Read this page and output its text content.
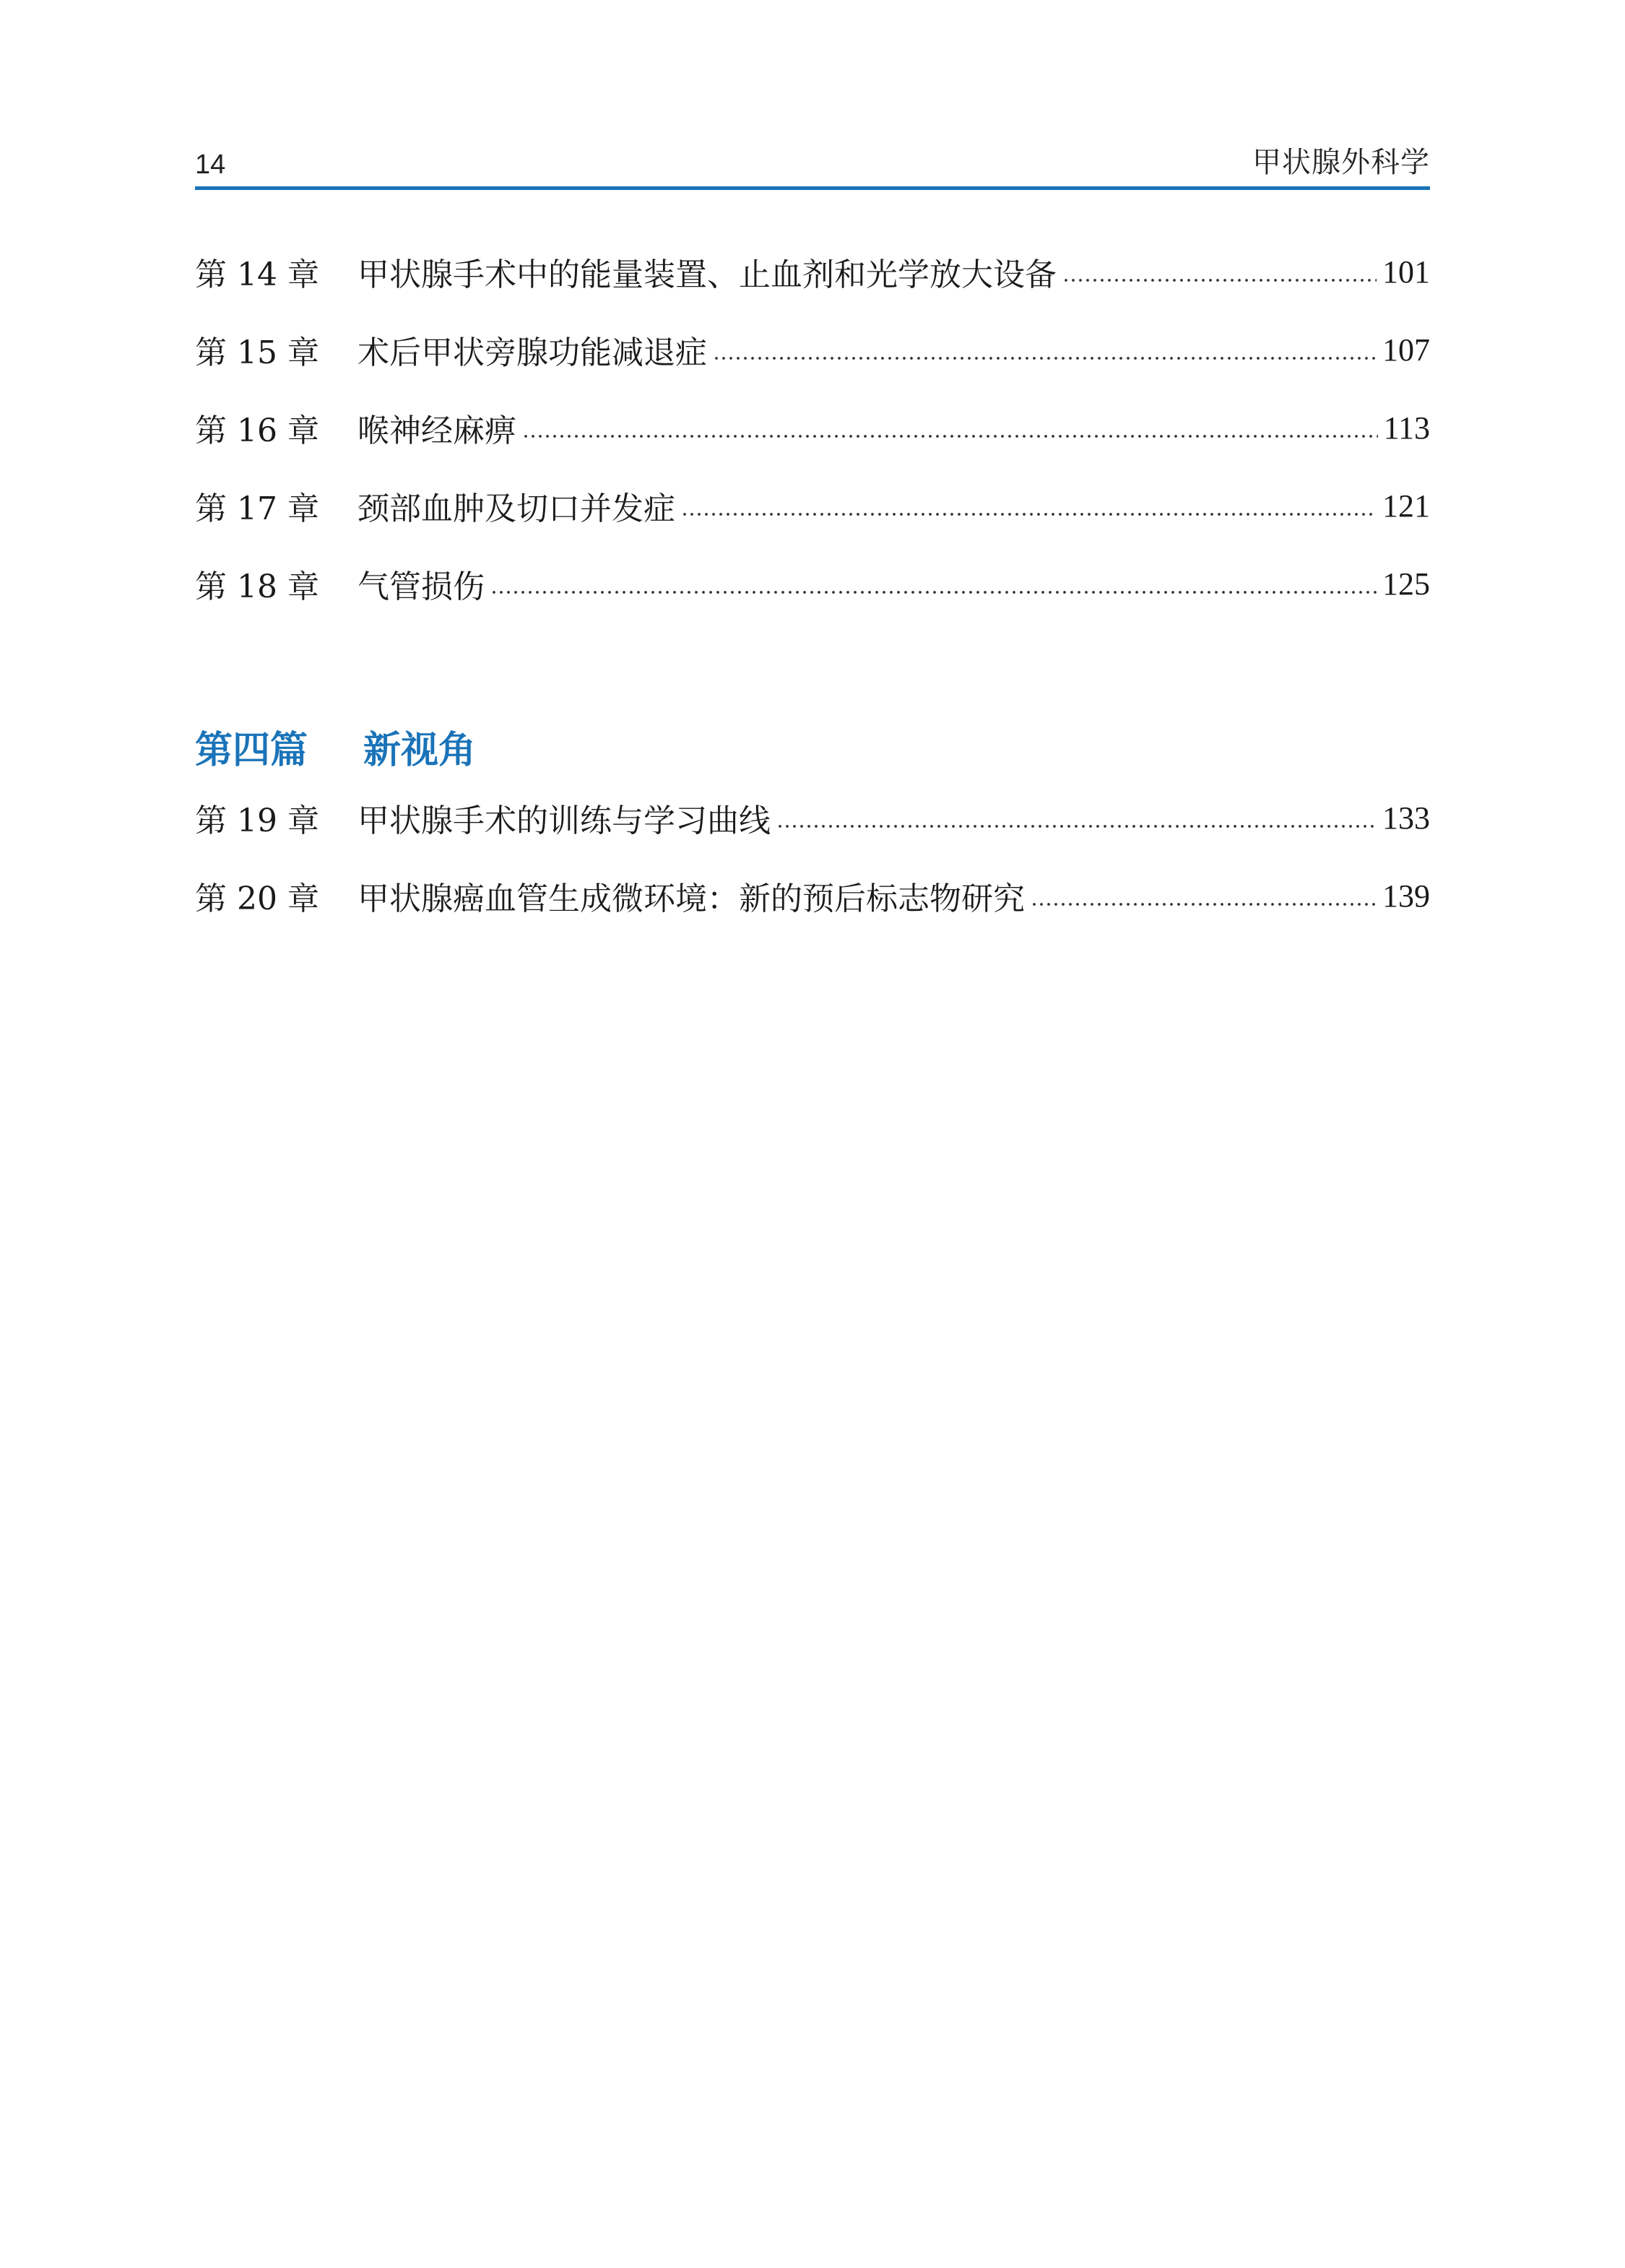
14	甲状腺外科学
第 14 章	甲状腺手术中的能量装置、止血剂和光学放大设备	101
第 15 章	术后甲状旁腺功能减退症	107
第 16 章	喉神经麻痹	113
第 17 章	颈部血肿及切口并发症	121
第 18 章	气管损伤	125
第四篇	新视角
第 19 章	甲状腺手术的训练与学习曲线	133
第 20 章	甲状腺癌血管生成微环境：新的预后标志物研究	139
